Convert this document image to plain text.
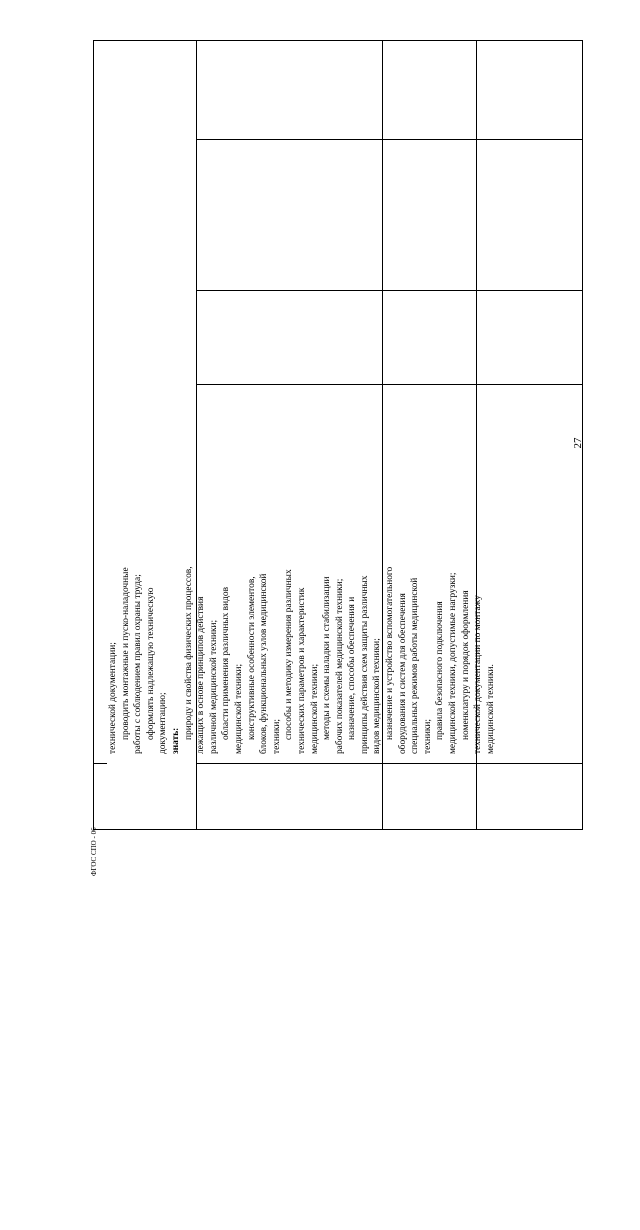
27
технической документации; проводить монтажные и пуско-наладочные работы с соблюдением правил охраны труда; оформлять надлежащую техническую документацию; знать:
природу и свойства физических процессов, лежащих в основе принципов действия различной медицинской техники; области применения различных видов медицинской техники; конструктивные особенности элементов, блоков, функциональных узлов медицинской техники; способы и методику измерения различных технических параметров и характеристик медицинской техники; методы и схемы наладки и стабилизации рабочих показателей медицинской техники; назначение, способы обеспечения и принципы действия схем защиты различных видов медицинской техники; назначение и устройство вспомогательного оборудования и систем для обеспечения специальных режимов работы медицинской техники; правила безопасного подключения медицинской техники, допустимые нагрузки; номенклатуру и порядок оформления технической документации по монтажу медицинской техники.
ФГОС СПО - 06
